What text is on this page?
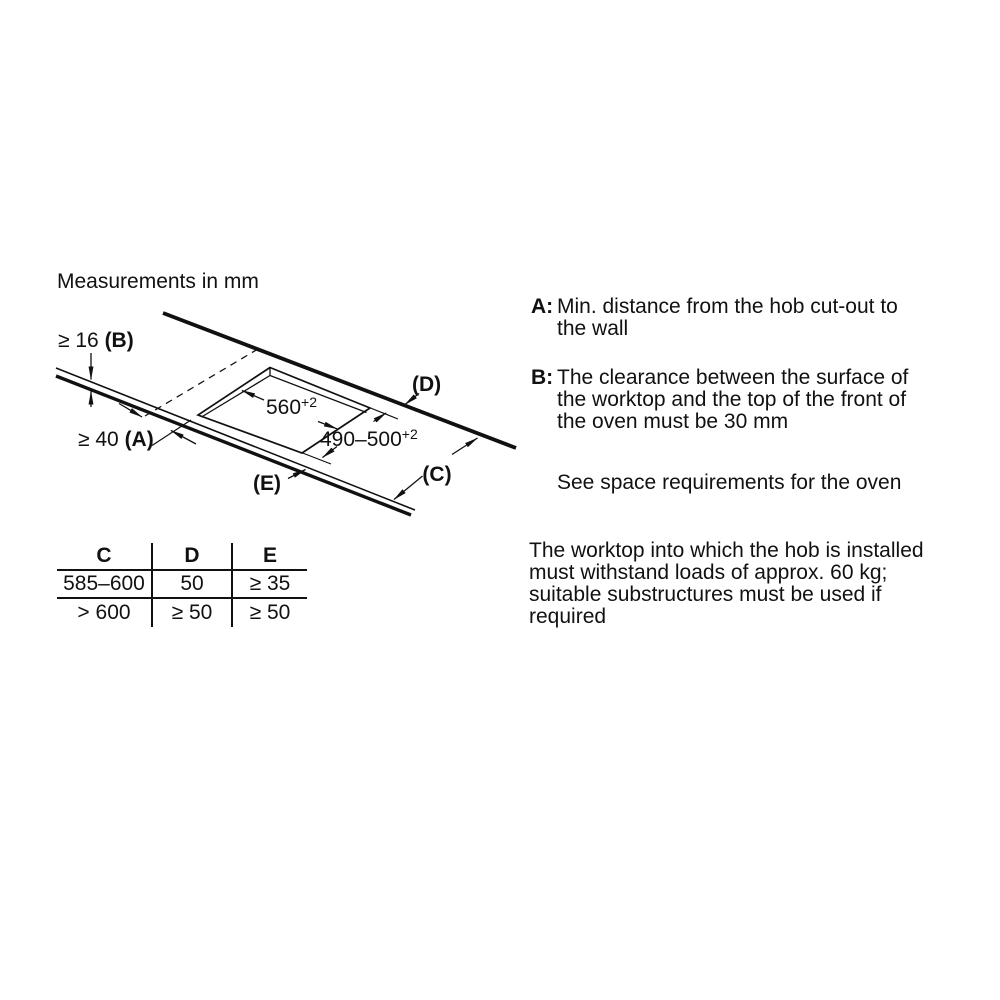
Measurements in mm
≥ 16 (B)
≥ 40 (A)
$560^{+2}$
$490-500^{+2}$
(D)
(C)
(E)
C	D	E
585–600	50	≥ 35
> 600	≥ 50	≥ 50
A: Min. distance from the hob cut-out to the wall
B: The clearance between the surface of the worktop and the top of the front of the oven must be 30 mm
See space requirements for the oven
The worktop into which the hob is installed must withstand loads of approx. 60 kg; suitable substructures must be used if required
